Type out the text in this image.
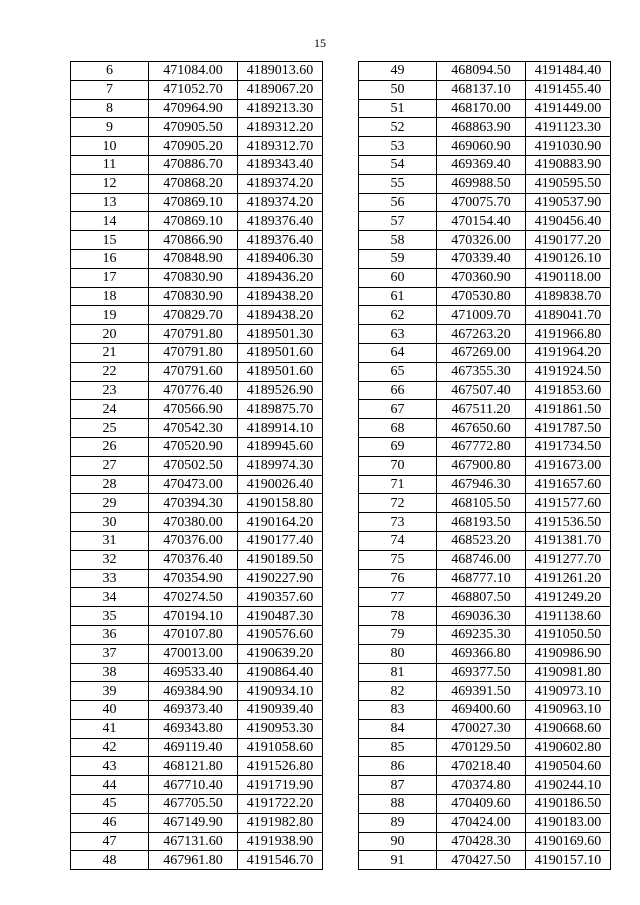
15
6	471084.00	4189013.60
7	471052.70	4189067.20
8	470964.90	4189213.30
9	470905.50	4189312.20
10	470905.20	4189312.70
11	470886.70	4189343.40
12	470868.20	4189374.20
13	470869.10	4189374.20
14	470869.10	4189376.40
15	470866.90	4189376.40
16	470848.90	4189406.30
17	470830.90	4189436.20
18	470830.90	4189438.20
19	470829.70	4189438.20
20	470791.80	4189501.30
21	470791.80	4189501.60
22	470791.60	4189501.60
23	470776.40	4189526.90
24	470566.90	4189875.70
25	470542.30	4189914.10
26	470520.90	4189945.60
27	470502.50	4189974.30
28	470473.00	4190026.40
29	470394.30	4190158.80
30	470380.00	4190164.20
31	470376.00	4190177.40
32	470376.40	4190189.50
33	470354.90	4190227.90
34	470274.50	4190357.60
35	470194.10	4190487.30
36	470107.80	4190576.60
37	470013.00	4190639.20
38	469533.40	4190864.40
39	469384.90	4190934.10
40	469373.40	4190939.40
41	469343.80	4190953.30
42	469119.40	4191058.60
43	468121.80	4191526.80
44	467710.40	4191719.90
45	467705.50	4191722.20
46	467149.90	4191982.80
47	467131.60	4191938.90
48	467961.80	4191546.70
49	468094.50	4191484.40
50	468137.10	4191455.40
51	468170.00	4191449.00
52	468863.90	4191123.30
53	469060.90	4191030.90
54	469369.40	4190883.90
55	469988.50	4190595.50
56	470075.70	4190537.90
57	470154.40	4190456.40
58	470326.00	4190177.20
59	470339.40	4190126.10
60	470360.90	4190118.00
61	470530.80	4189838.70
62	471009.70	4189041.70
63	467263.20	4191966.80
64	467269.00	4191964.20
65	467355.30	4191924.50
66	467507.40	4191853.60
67	467511.20	4191861.50
68	467650.60	4191787.50
69	467772.80	4191734.50
70	467900.80	4191673.00
71	467946.30	4191657.60
72	468105.50	4191577.60
73	468193.50	4191536.50
74	468523.20	4191381.70
75	468746.00	4191277.70
76	468777.10	4191261.20
77	468807.50	4191249.20
78	469036.30	4191138.60
79	469235.30	4191050.50
80	469366.80	4190986.90
81	469377.50	4190981.80
82	469391.50	4190973.10
83	469400.60	4190963.10
84	470027.30	4190668.60
85	470129.50	4190602.80
86	470218.40	4190504.60
87	470374.80	4190244.10
88	470409.60	4190186.50
89	470424.00	4190183.00
90	470428.30	4190169.60
91	470427.50	4190157.10
